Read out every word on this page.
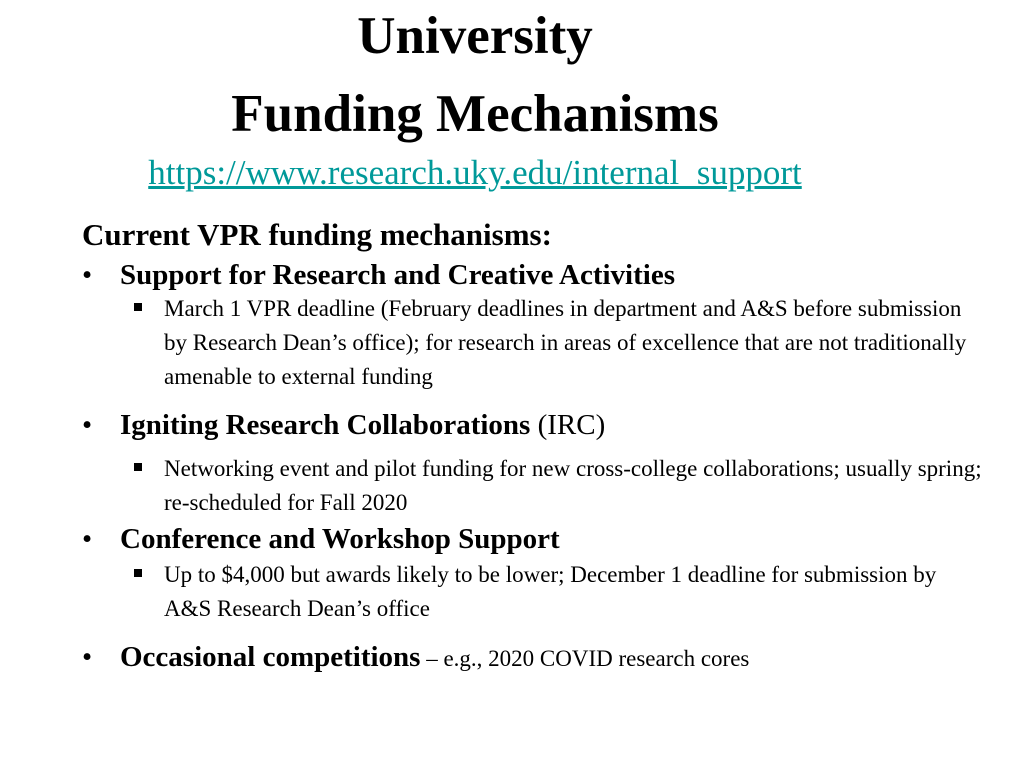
University
Funding Mechanisms
https://www.research.uky.edu/internal_support

Current VPR funding mechanisms:

• Support for Research and Creative Activities
March 1 VPR deadline (February deadlines in department and A&S before submission by Research Dean’s office); for research in areas of excellence that are not traditionally amenable to external funding
• Igniting Research Collaborations (IRC)
Networking event and pilot funding for new cross-college collaborations; usually spring; re-scheduled for Fall 2020
• Conference and Workshop Support
Up to $4,000 but awards likely to be lower; December 1 deadline for submission by A&S Research Dean’s office
• Occasional competitions – e.g., 2020 COVID research cores
